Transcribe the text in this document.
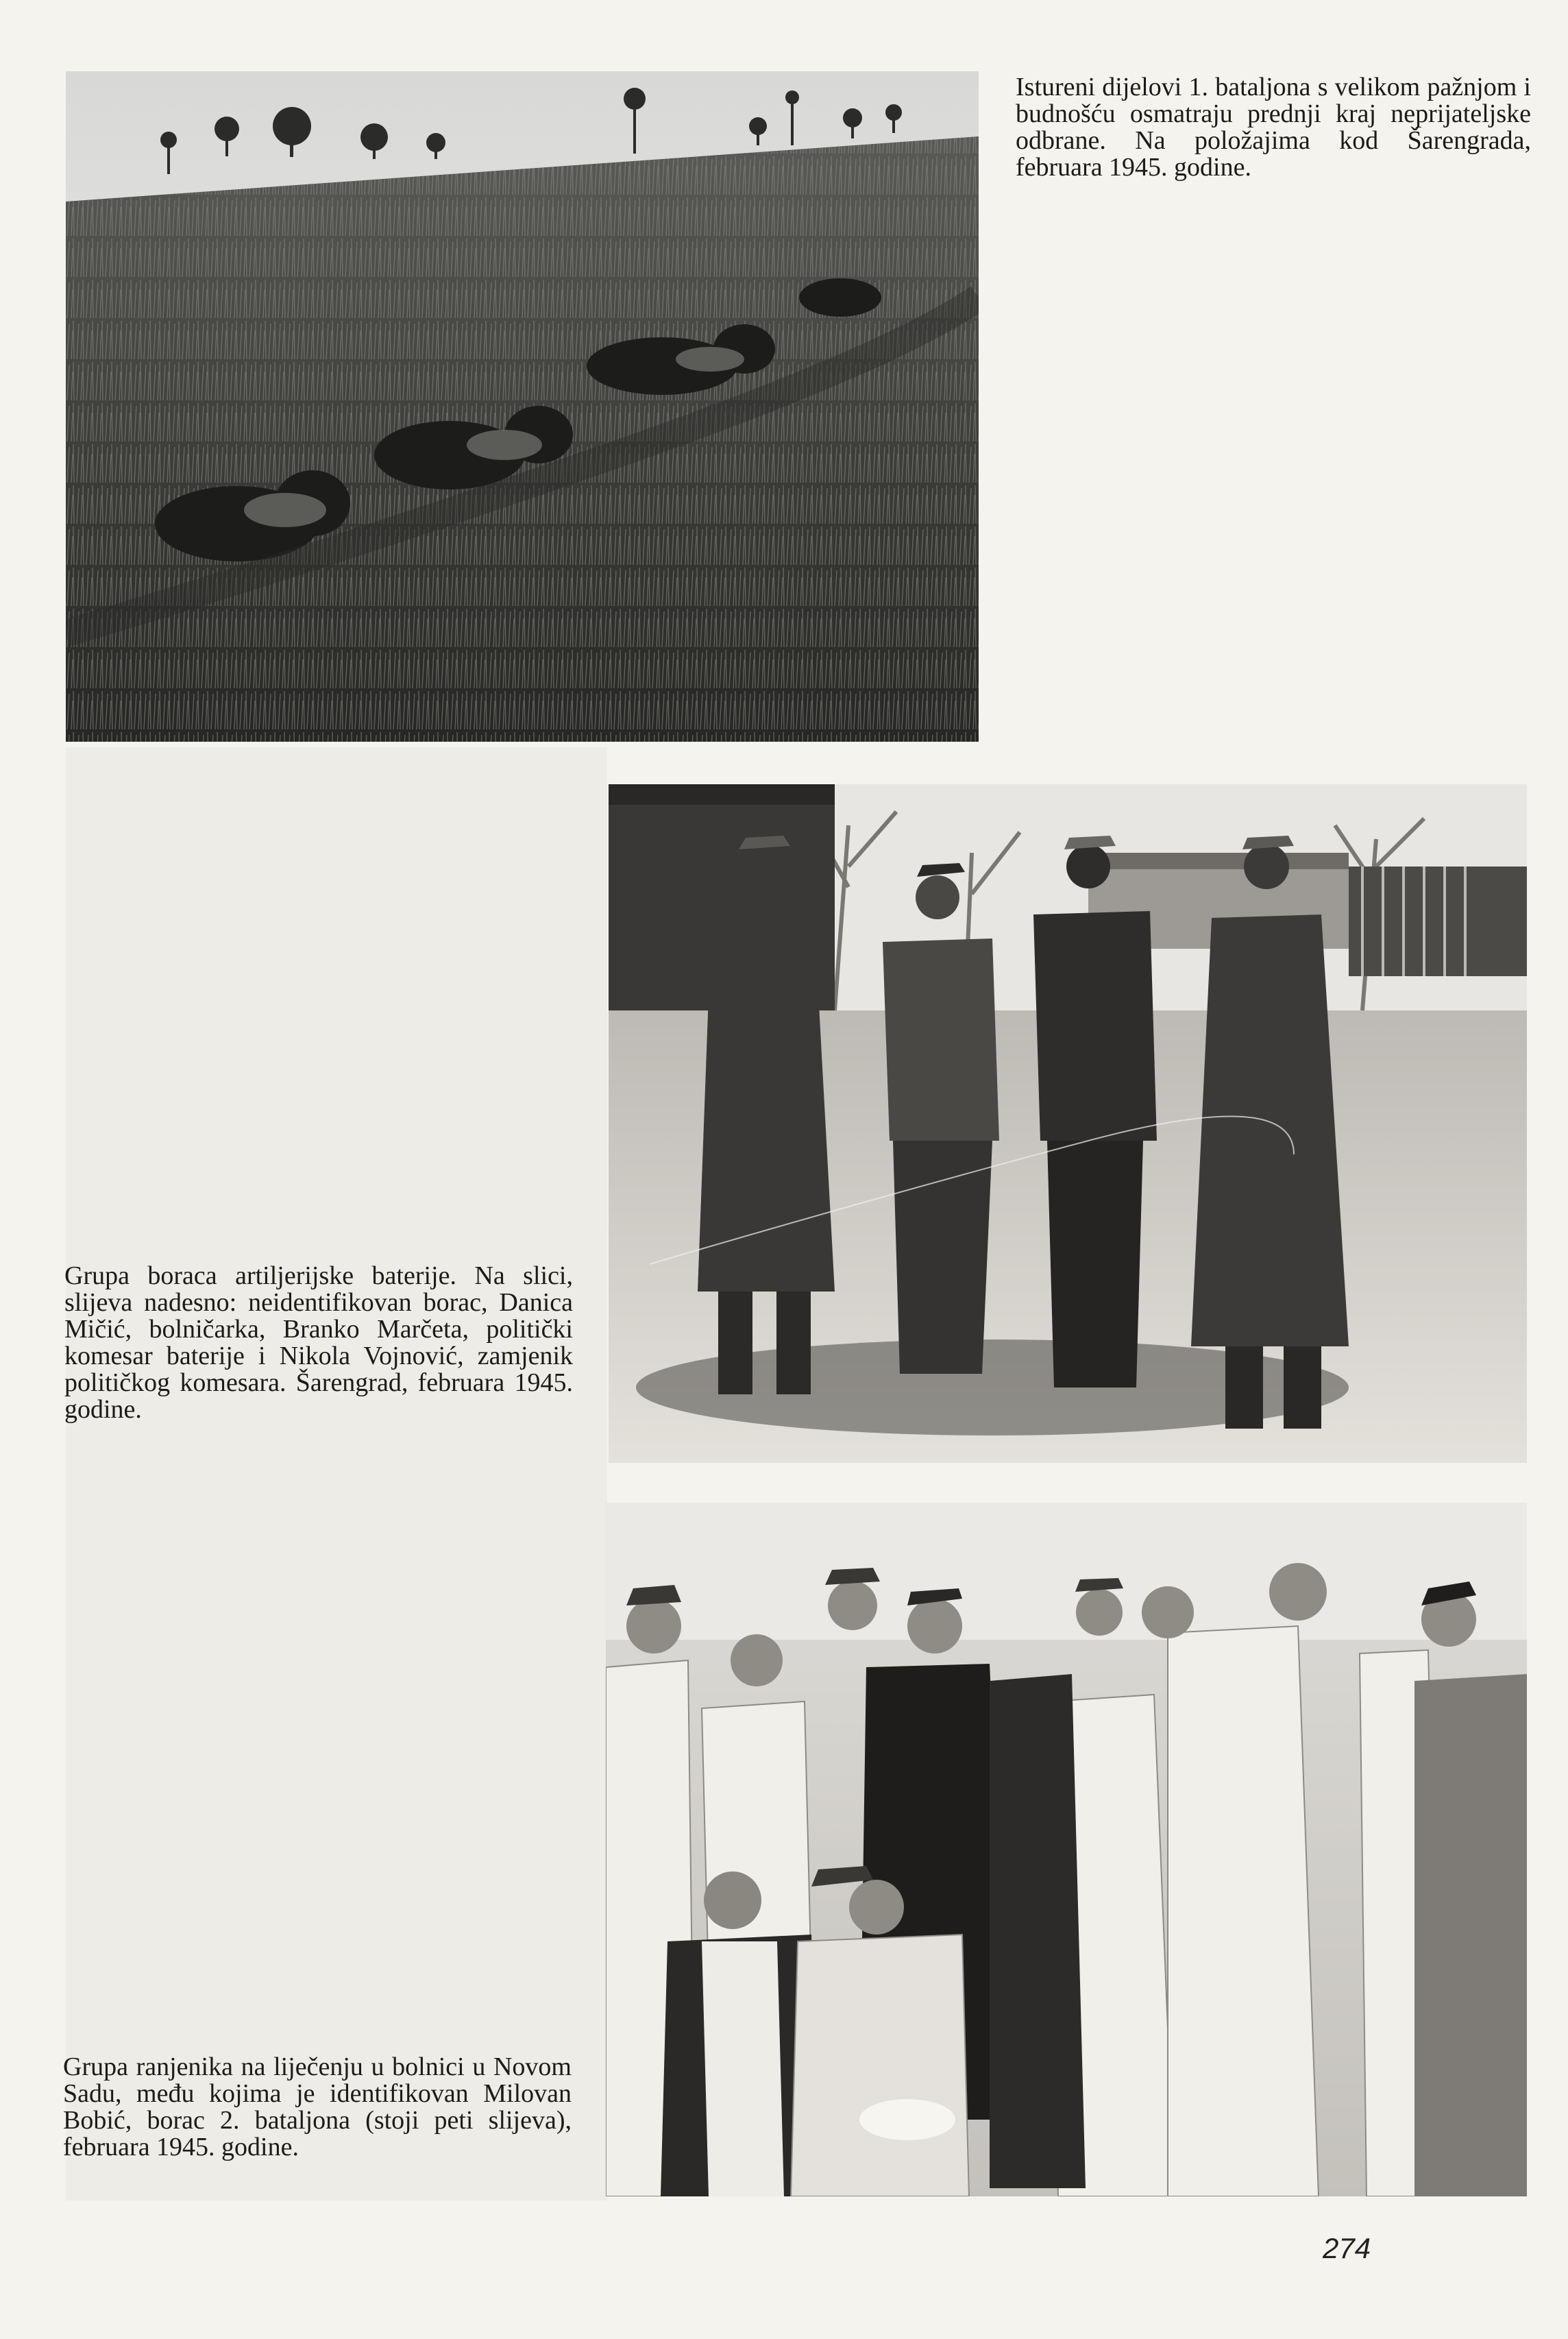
Istureni dijelovi 1. bataljona s velikom pažnjom i budnošću osmatraju prednji kraj neprijateljske odbrane. Na položajima kod Šarengrada, februara 1945. godine.

Grupa boraca artiljerijske baterije. Na slici, slijeva nadesno: neidentifikovan borac, Danica Mičić, bolničarka, Branko Marčeta, politički komesar baterije i Nikola Vojnović, zamjenik političkog komesara. Šarengrad, februara 1945. godine.

Grupa ranjenika na liječenju u bolnici u Novom Sadu, među kojima je identifikovan Milovan Bobić, borac 2. bataljona (stoji peti slijeva), februara 1945. godine.

274
